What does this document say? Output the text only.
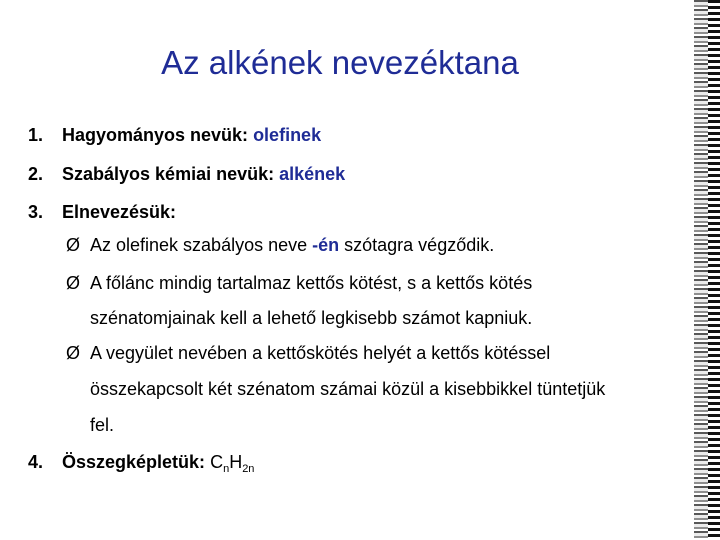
Az alkének nevezéktana
1. Hagyományos nevük: olefinek
2. Szabályos kémiai nevük: alkének
3. Elnevezésük:
Ø Az olefinek szabályos neve -én szótagra végződik.
Ø A főlánc mindig tartalmaz kettős kötést, s a kettős kötés
szénatomjainak kell a lehető legkisebb számot kapniuk.
Ø A vegyület nevében a kettőskötés helyét a kettős kötéssel
összekapcsolt két szénatom számai közül a kisebbikkel tüntetjük
fel.
4. Összegképletük: $C_nH_{2n}$
